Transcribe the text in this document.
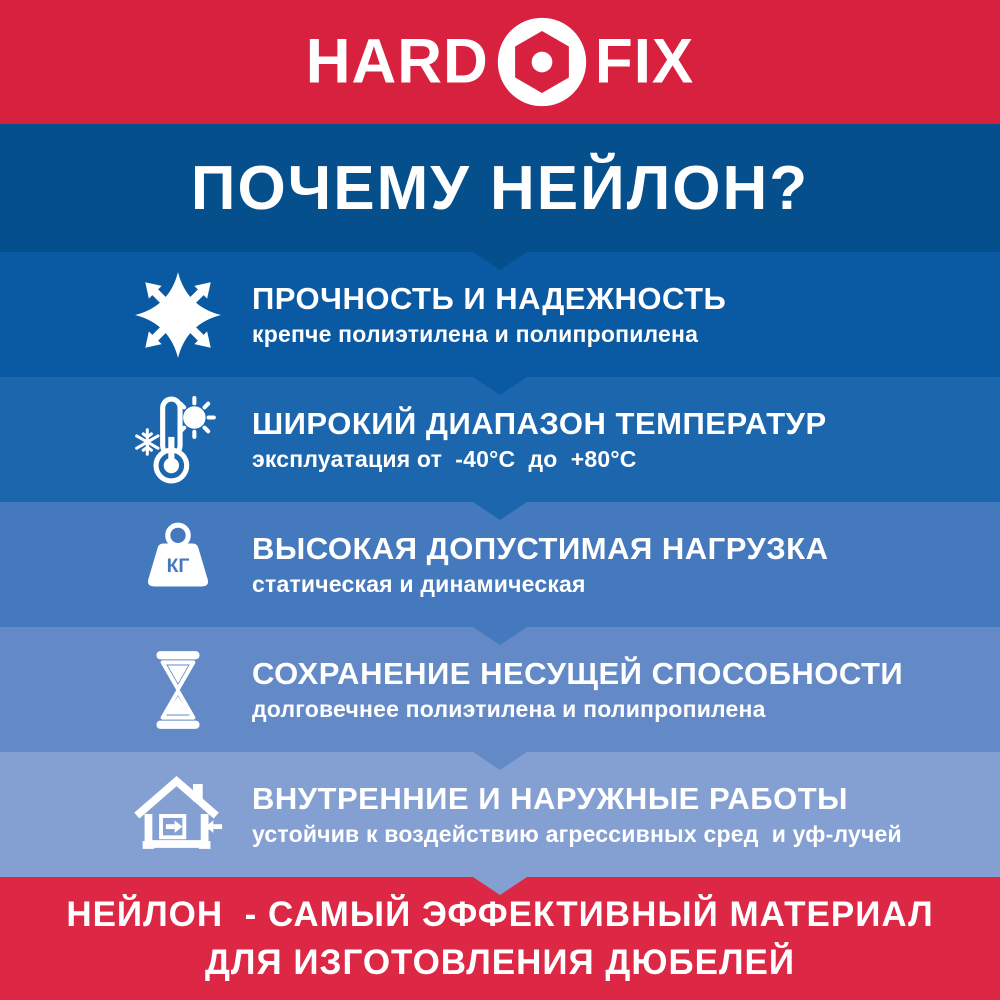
HARD FIX
ПОЧЕМУ НЕЙЛОН?
ПРОЧНОСТЬ И НАДЕЖНОСТЬ
крепче полиэтилена и полипропилена
ШИРОКИЙ ДИАПАЗОН ТЕМПЕРАТУР
эксплуатация от  -40°С  до  +80°С
КГ ВЫСОКАЯ ДОПУСТИМАЯ НАГРУЗКА
статическая и динамическая
СОХРАНЕНИЕ НЕСУЩЕЙ СПОСОБНОСТИ
долговечнее полиэтилена и полипропилена
ВНУТРЕННИЕ И НАРУЖНЫЕ РАБОТЫ
устойчив к воздействию агрессивных сред  и уф-лучей
НЕЙЛОН  - САМЫЙ ЭФФЕКТИВНЫЙ МАТЕРИАЛ
ДЛЯ ИЗГОТОВЛЕНИЯ ДЮБЕЛЕЙ
